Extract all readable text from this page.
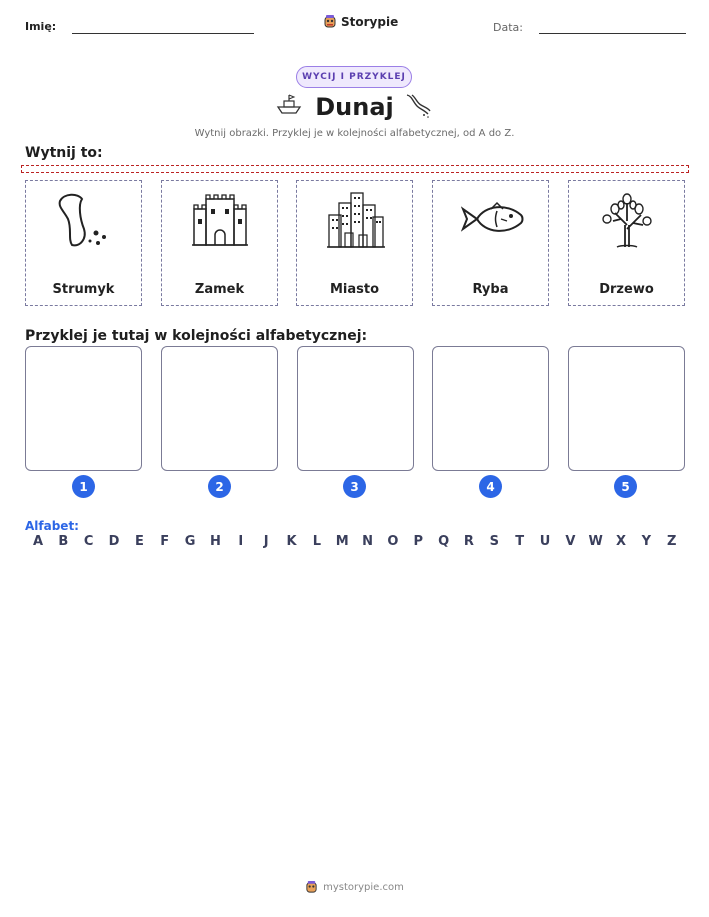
Imię:	Storypie	Data:
WYCIJ I PRZYKLEJ
Dunaj
Wytnij obrazki. Przyklej je w kolejności alfabetycznej, od A do Z.
Wytnij to:
Strumyk	Zamek	Miasto	Ryba	Drzewo
Przyklej je tutaj w kolejności alfabetycznej:
1	2	3	4	5
Alfabet:
A B C D E F G H	I	J	K L M N O P Q R S T U V W X Y Z
mystorypie.com
